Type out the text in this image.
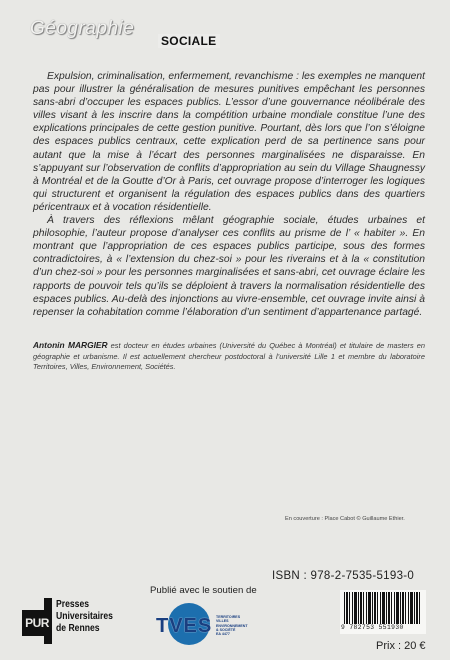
Géographie
SOCIALE

Expulsion, criminalisation, enfermement, revanchisme : les exemples ne manquent pas pour illustrer la généralisation de mesures punitives empêchant les personnes sans-abri d’occuper les espaces publics. L’essor d’une gouvernance néolibérale des villes visant à les inscrire dans la compétition urbaine mondiale constitue l’une des explications principales de cette gestion punitive. Pourtant, dès lors que l’on s’éloigne des espaces publics centraux, cette explication perd de sa pertinence sans pour autant que la mise à l’écart des personnes marginalisées ne disparaisse. En s’appuyant sur l’observation de conflits d’appropriation au sein du Village Shaugnessy à Montréal et de la Goutte d’Or à Paris, cet ouvrage propose d’interroger les logiques qui structurent et organisent la régulation des espaces publics dans des quartiers péricentraux et à vocation résidentielle.

À travers des réflexions mêlant géographie sociale, études urbaines et philosophie, l’auteur propose d’analyser ces conflits au prisme de l’ « habiter ». En montrant que l’appropriation de ces espaces publics participe, sous des formes contradictoires, à « l’extension du chez-soi » pour les riverains et à la « constitution d’un chez-soi » pour les personnes marginalisées et sans-abri, cet ouvrage éclaire les rapports de pouvoir tels qu’ils se déploient à travers la normalisation résidentielle des espaces publics. Au-delà des injonctions au vivre-ensemble, cet ouvrage invite ainsi à repenser la cohabitation comme l’élaboration d’un sentiment d’appartenance partagé.

Antonin MARGIER est docteur en études urbaines (Université du Québec à Montréal) et titulaire de masters en géographie et urbanisme. Il est actuellement chercheur postdoctoral à l’université Lille 1 et membre du laboratoire Territoires, Villes, Environnement, Sociétés.
En couverture : Place Cabot © Guillaume Ethier.
ISBN : 978-2-7535-5193-0
9 782753 551930
Prix : 20 €
PUR
Presses
Universitaires
de Rennes
Publié avec le soutien de
TVES TERRITOIRES
VILLES
ENVIRONNEMENT
& SOCIÉTÉ
EA 4477
